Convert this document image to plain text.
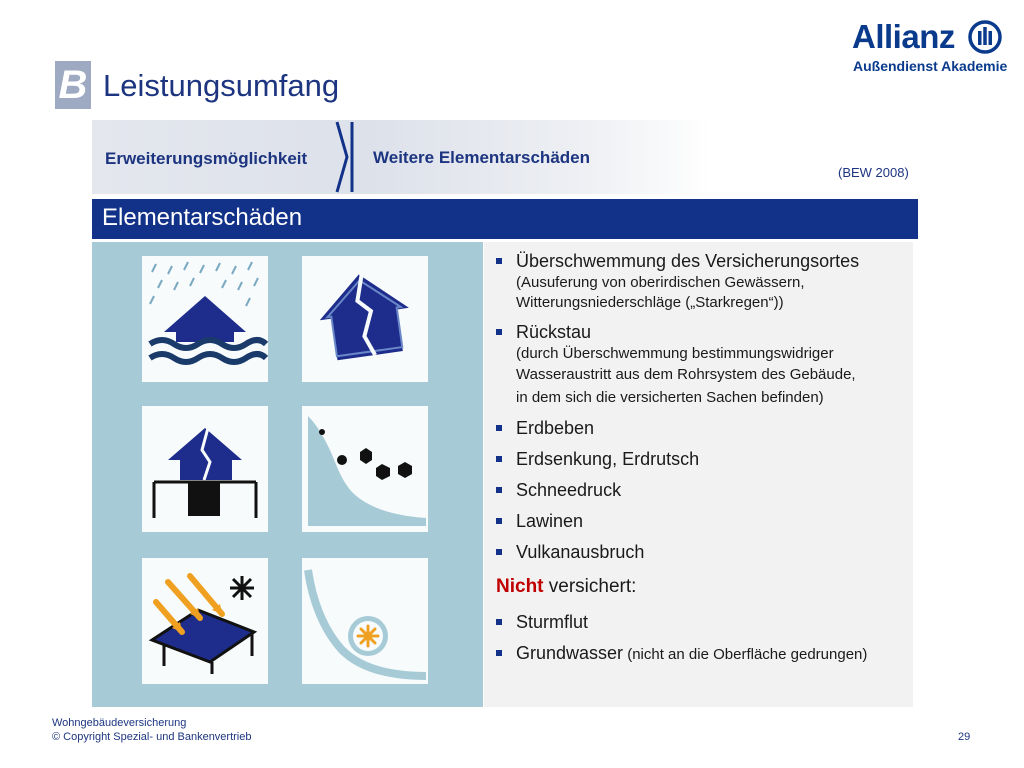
B Leistungsumfang
Allianz
Außendienst Akademie
Erweiterungsmöglichkeit	Weitere Elementarschäden
(BEW 2008)
Elementarschäden
Überschwemmung des Versicherungsortes
(Ausuferung von oberirdischen Gewässern,
Witterungsniederschläge („Starkregen“))
Rückstau
(durch Überschwemmung bestimmungswidriger
Wasseraustritt aus dem Rohrsystem des Gebäude,
in dem sich die versicherten Sachen befinden)
Erdbeben
Erdsenkung, Erdrutsch
Schneedruck
Lawinen
Vulkanausbruch
Nicht versichert:
Sturmflut
Grundwasser (nicht an die Oberfläche gedrungen)
Wohngebäudeversicherung
© Copyright Spezial- und Bankenvertrieb	29
